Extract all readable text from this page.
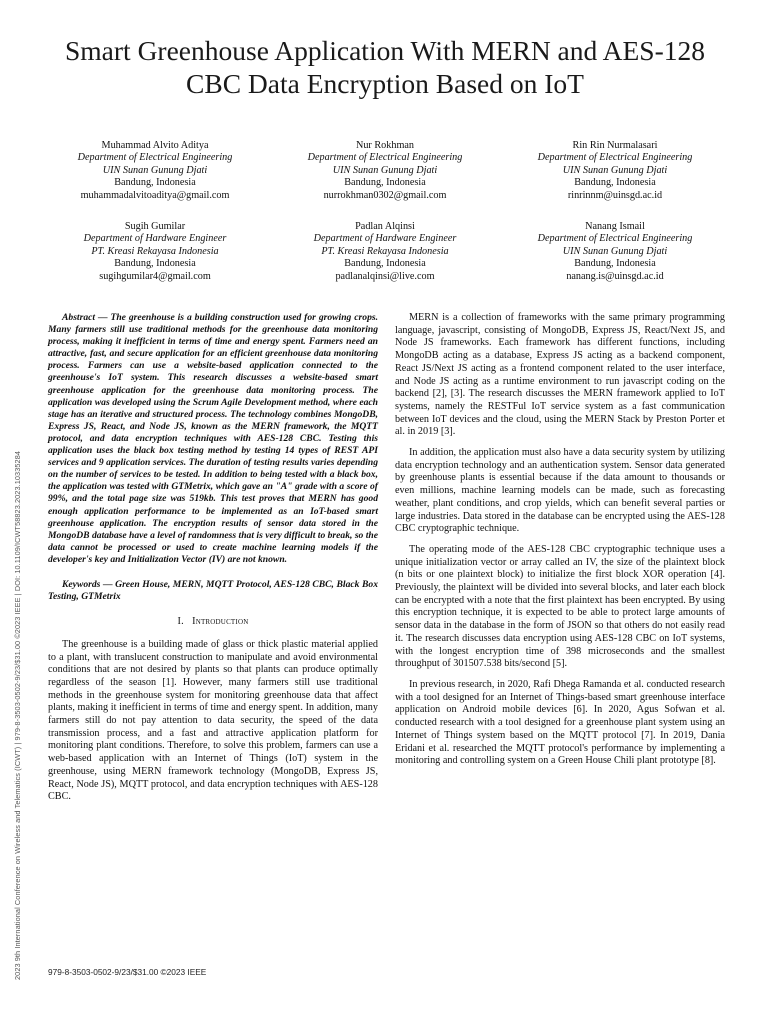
2023 9th International Conference on Wireless and Telematics (ICWT) | 979-8-3503-0502-9/23/$31.00 ©2023 IEEE | DOI: 10.1109/ICWT58823.2023.10335284
Smart Greenhouse Application With MERN and AES-128 CBC Data Encryption Based on IoT
Muhammad Alvito Aditya
Department of Electrical Engineering
UIN Sunan Gunung Djati
Bandung, Indonesia
muhammadalvitoaditya@gmail.com
Nur Rokhman
Department of Electrical Engineering
UIN Sunan Gunung Djati
Bandung, Indonesia
nurrokhman0302@gmail.com
Rin Rin Nurmalasari
Department of Electrical Engineering
UIN Sunan Gunung Djati
Bandung, Indonesia
rinrinnm@uinsgd.ac.id
Sugih Gumilar
Department of Hardware Engineer
PT. Kreasi Rekayasa Indonesia
Bandung, Indonesia
sugihgumilar4@gmail.com
Padlan Alqinsi
Department of Hardware Engineer
PT. Kreasi Rekayasa Indonesia
Bandung, Indonesia
padlanalqinsi@live.com
Nanang Ismail
Department of Electrical Engineering
UIN Sunan Gunung Djati
Bandung, Indonesia
nanang.is@uinsgd.ac.id

Abstract — The greenhouse is a building construction used for growing crops. Many farmers still use traditional methods for the greenhouse data monitoring process, making it inefficient in terms of time and energy spent. Farmers need an attractive, fast, and secure application for an efficient greenhouse data monitoring process. Farmers can use a website-based application connected to the greenhouse's IoT system. This research discusses a website-based smart greenhouse application for the greenhouse data monitoring process. The application was developed using the Scrum Agile Development method, where each stage has an iterative and structured process. The technology combines MongoDB, Express JS, React, and Node JS, known as the MERN framework, the MQTT protocol, and data encryption techniques with AES-128 CBC. Testing this application uses the black box testing method by testing 14 types of REST API services and 9 application services. The duration of testing results varies depending on the number of services to be tested. In addition to being tested with a black box, the application was tested with GTMetrix, which gave an "A" grade with a score of 99%, and the total page size was 519kb. This test proves that MERN has good enough application performance to be implemented as an IoT-based smart greenhouse application. The encryption results of sensor data stored in the MongoDB database have a level of randomness that is very difficult to break, so the data cannot be processed or used to create machine learning models if the developer's key and Initialization Vector (IV) are not known.

Keywords — Green House, MERN, MQTT Protocol, AES-128 CBC, Black Box Testing, GTMetrix

I. Introduction

The greenhouse is a building made of glass or thick plastic material applied to a plant, with translucent construction to manipulate and avoid environmental conditions that are not desired by plants so that plants can produce optimally regardless of the season [1]. However, many farmers still use traditional methods in the greenhouse system for monitoring greenhouse data that affect plants, making it inefficient in terms of time and energy spent. In addition, many farmers still do not pay attention to data security, the speed of the data transmission process, and a fast and attractive application platform for monitoring plant conditions. Therefore, to solve this problem, farmers can use a web-based application with an Internet of Things (IoT) system in the greenhouse, using MERN framework technology (MongoDB, Express JS, React, Node JS), MQTT protocol, and data encryption techniques with AES-128 CBC.

MERN is a collection of frameworks with the same primary programming language, javascript, consisting of MongoDB, Express JS, React/Next JS, and Node JS frameworks. Each framework has different functions, including MongoDB acting as a database, Express JS acting as a backend component, React JS/Next JS acting as a frontend component related to the user interface, and Node JS acting as a runtime environment to run javascript coding on the backend [2], [3]. The research discusses the MERN framework applied to IoT systems, namely the RESTFul IoT service system as a fast communication between IoT devices and the cloud, using the MERN Stack by Preston Porter et al. in 2019 [3].

In addition, the application must also have a data security system by utilizing data encryption technology and an authentication system. Sensor data generated by greenhouse plants is essential because if the data amount to thousands or even millions, machine learning models can be made, such as forecasting weather, plant conditions, and crop yields, which can benefit several parties or large industries. Data stored in the database can be encrypted using the AES-128 CBC cryptographic technique.

The operating mode of the AES-128 CBC cryptographic technique uses a unique initialization vector or array called an IV, the size of the plaintext block (n bits or one plaintext block) to initialize the first block XOR operation [4]. Previously, the plaintext will be divided into several blocks, and later each block can be encrypted with a note that the first plaintext has been encrypted. By using this encryption technique, it is expected to be able to protect large amounts of sensor data in the database in the form of JSON so that others do not easily read it. The research discusses data encryption using AES-128 CBC on IoT systems, with the longest encryption time of 398 microseconds and the smallest throughput of 301507.538 bits/second [5].

In previous research, in 2020, Rafi Dhega Ramanda et al. conducted research with a tool designed for an Internet of Things-based smart greenhouse interface application on Android mobile devices [6]. In 2020, Agus Sofwan et al. conducted research with a tool designed for a greenhouse plant system using an Internet of Things system based on the MQTT protocol [7]. In 2019, Dania Eridani et al. researched the MQTT protocol's performance by implementing a monitoring and controlling system on a Green House Chili plant prototype [8].

979-8-3503-0502-9/23/$31.00 ©2023 IEEE
